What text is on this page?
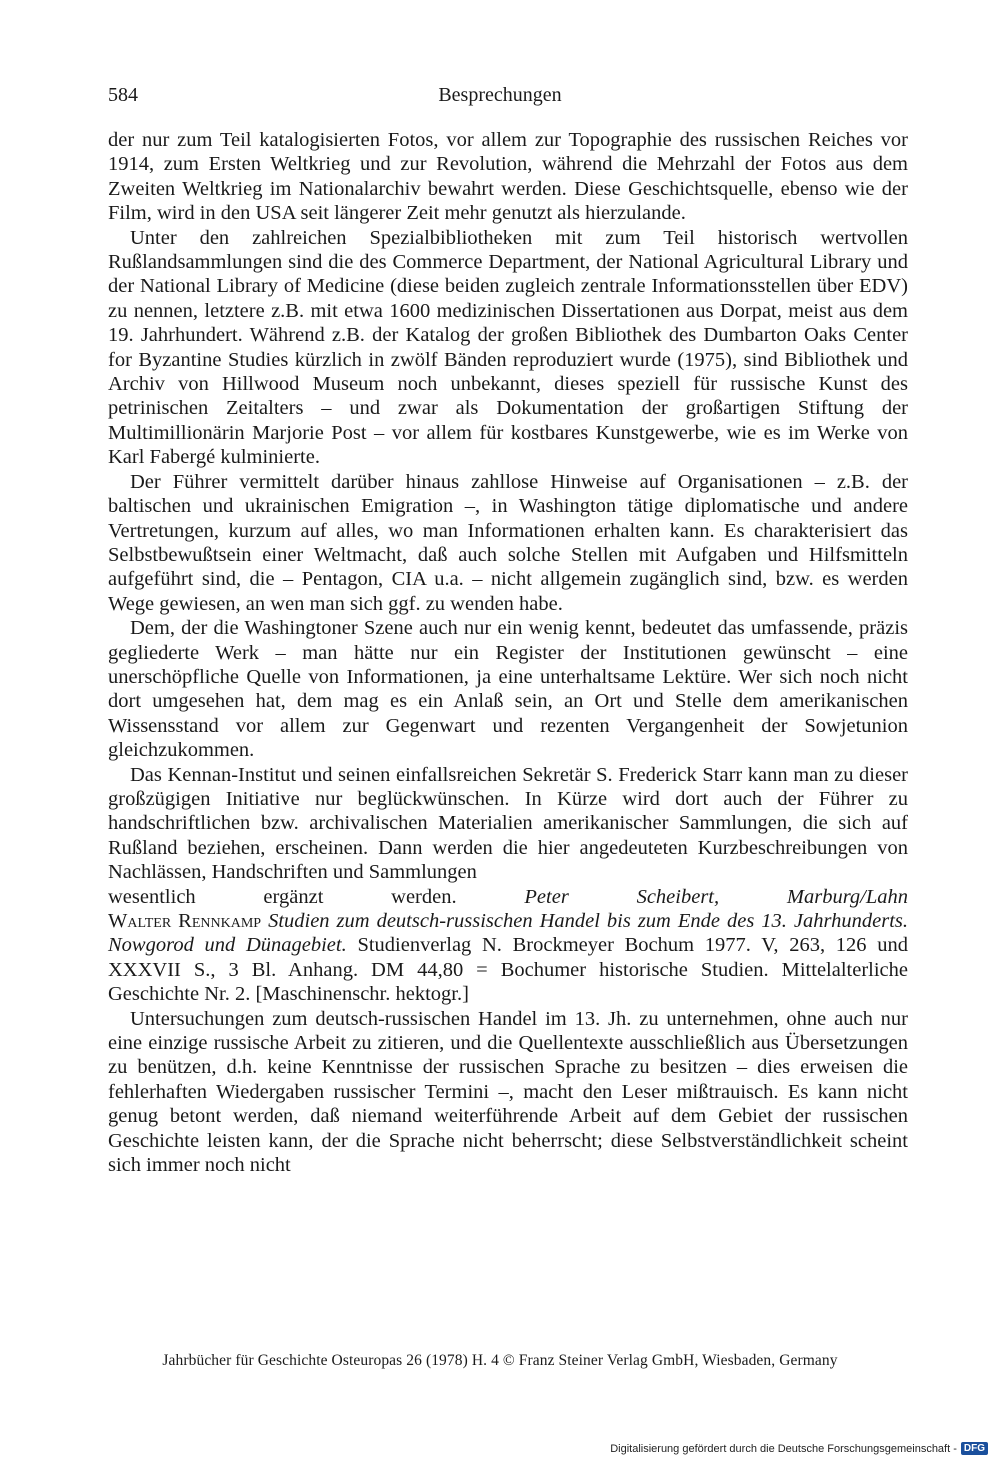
584	Besprechungen

der nur zum Teil katalogisierten Fotos, vor allem zur Topographie des russischen Reiches vor 1914, zum Ersten Weltkrieg und zur Revolution, während die Mehrzahl der Fotos aus dem Zweiten Weltkrieg im Nationalarchiv bewahrt werden. Diese Geschichtsquelle, ebenso wie der Film, wird in den USA seit längerer Zeit mehr genutzt als hierzulande.

Unter den zahlreichen Spezialbibliotheken mit zum Teil historisch wertvollen Rußlandsammlungen sind die des Commerce Department, der National Agricultural Library und der National Library of Medicine (diese beiden zugleich zentrale Informationsstellen über EDV) zu nennen, letztere z.B. mit etwa 1600 medizinischen Dissertationen aus Dorpat, meist aus dem 19. Jahrhundert. Während z.B. der Katalog der großen Bibliothek des Dumbarton Oaks Center for Byzantine Studies kürzlich in zwölf Bänden reproduziert wurde (1975), sind Bibliothek und Archiv von Hillwood Museum noch unbekannt, dieses speziell für russische Kunst des petrinischen Zeitalters – und zwar als Dokumentation der großartigen Stiftung der Multimillionärin Marjorie Post – vor allem für kostbares Kunstgewerbe, wie es im Werke von Karl Fabergé kulminierte.

Der Führer vermittelt darüber hinaus zahllose Hinweise auf Organisationen – z.B. der baltischen und ukrainischen Emigration –, in Washington tätige diplomatische und andere Vertretungen, kurzum auf alles, wo man Informationen erhalten kann. Es charakterisiert das Selbstbewußtsein einer Weltmacht, daß auch solche Stellen mit Aufgaben und Hilfsmitteln aufgeführt sind, die – Pentagon, CIA u.a. – nicht allgemein zugänglich sind, bzw. es werden Wege gewiesen, an wen man sich ggf. zu wenden habe.

Dem, der die Washingtoner Szene auch nur ein wenig kennt, bedeutet das umfassende, präzis gegliederte Werk – man hätte nur ein Register der Institutionen gewünscht – eine unerschöpfliche Quelle von Informationen, ja eine unterhaltsame Lektüre. Wer sich noch nicht dort umgesehen hat, dem mag es ein Anlaß sein, an Ort und Stelle dem amerikanischen Wissensstand vor allem zur Gegenwart und rezenten Vergangenheit der Sowjetunion gleichzukommen.

Das Kennan-Institut und seinen einfallsreichen Sekretär S. Frederick Starr kann man zu dieser großzügigen Initiative nur beglückwünschen. In Kürze wird dort auch der Führer zu handschriftlichen bzw. archivalischen Materialien amerikanischer Sammlungen, die sich auf Rußland beziehen, erscheinen. Dann werden die hier angedeuteten Kurzbeschreibungen von Nachlässen, Handschriften und Sammlungen

wesentlich ergänzt werden.	Peter Scheibert, Marburg/Lahn

Walter Rennkamp Studien zum deutsch-russischen Handel bis zum Ende des 13. Jahrhunderts. Nowgorod und Dünagebiet. Studienverlag N. Brockmeyer Bochum 1977. V, 263, 126 und XXXVII S., 3 Bl. Anhang. DM 44,80 = Bochumer historische Studien. Mittelalterliche Geschichte Nr. 2. [Maschinenschr. hektogr.]

Untersuchungen zum deutsch-russischen Handel im 13. Jh. zu unternehmen, ohne auch nur eine einzige russische Arbeit zu zitieren, und die Quellentexte ausschließlich aus Übersetzungen zu benützen, d.h. keine Kenntnisse der russischen Sprache zu besitzen – dies erweisen die fehlerhaften Wiedergaben russischer Termini –, macht den Leser mißtrauisch. Es kann nicht genug betont werden, daß niemand weiterführende Arbeit auf dem Gebiet der russischen Geschichte leisten kann, der die Sprache nicht beherrscht; diese Selbstverständlichkeit scheint sich immer noch nicht

Jahrbücher für Geschichte Osteuropas 26 (1978) H. 4 © Franz Steiner Verlag GmbH, Wiesbaden, Germany
Digitalisierung gefördert durch die Deutsche Forschungsgemeinschaft - DFG
